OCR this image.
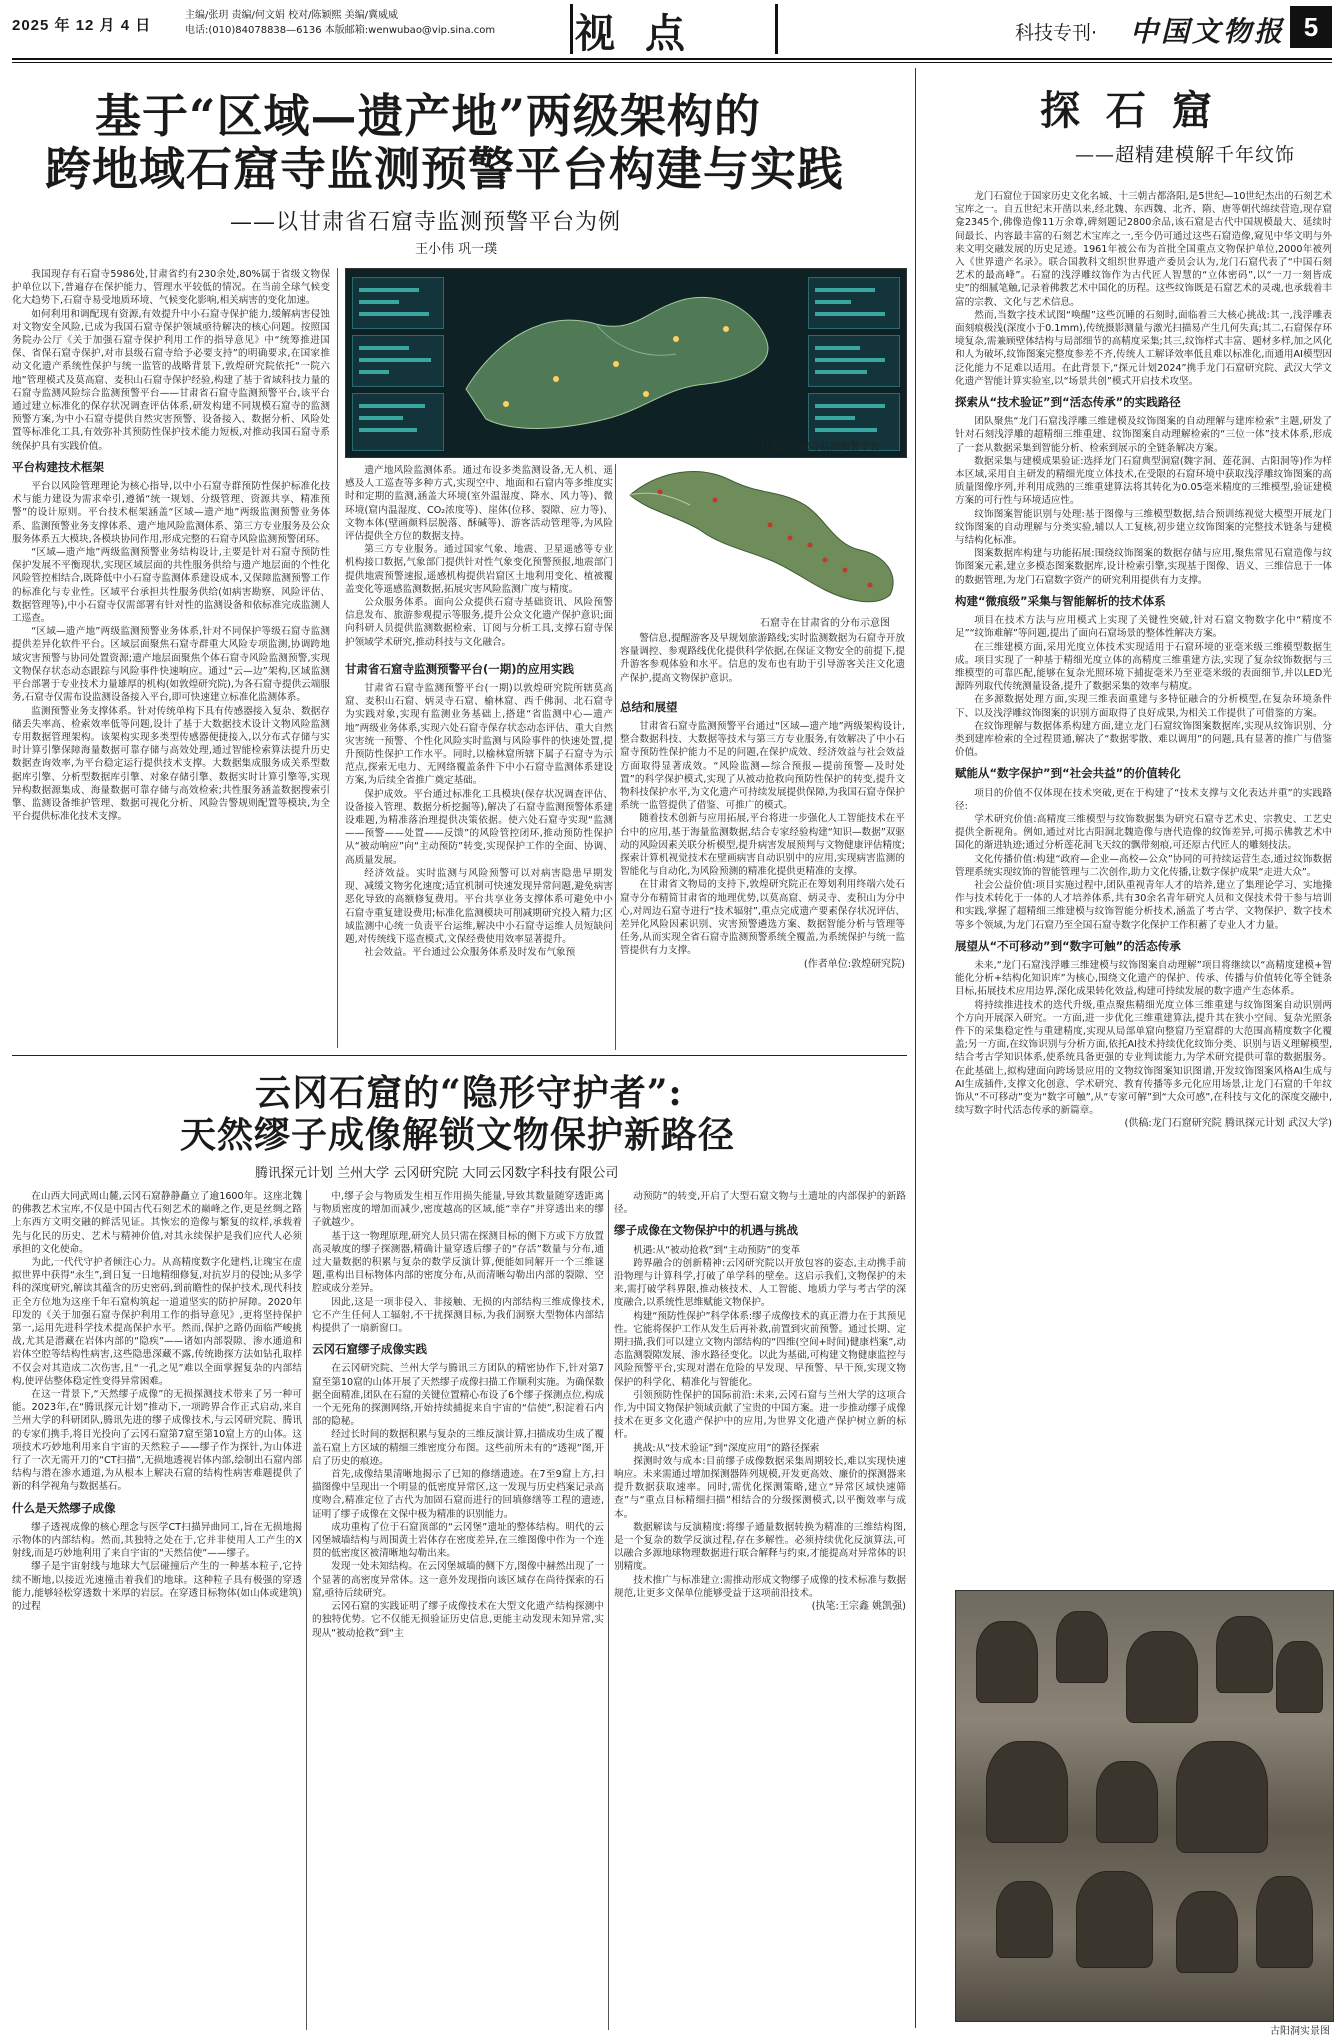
2025 年 12 月 4 日
主编/张玥 责编/何文娟 校对/陈颖熙 美编/冀威威
电话:(010)84078838—6136 本版邮箱:wenwubao@vip.sina.com 视点	科技专刊· 中国文物报 5
基于“区域—遗产地”两级架构的
跨地域石窟寺监测预警平台构建与实践
——以甘肃省石窟寺监测预警平台为例
王小伟 巩一璞

我国现存有石窟寺5986处,甘肃省约有230余处,80%属于省级文物保护单位以下,普遍存在保护能力、管理水平较低的情况。在当前全球气候变化大趋势下,石窟寺易受地质环境、气候变化影响,相关病害的变化加速。

如何利用和调配现有资源,有效提升中小石窟寺保护能力,缓解病害侵蚀对文物安全风险,已成为我国石窟寺保护领域亟待解决的核心问题。按照国务院办公厅《关于加强石窟寺保护利用工作的指导意见》中“统筹推进国保、省保石窟寺保护,对市县级石窟寺给予必要支持”的明确要求,在国家推动文化遗产系统性保护与统一监管的战略背景下,敦煌研究院依托“一院六地”管理模式及莫高窟、麦积山石窟寺保护经验,构建了基于省域科技力量的石窟寺监测风险综合监测预警平台——甘肃省石窟寺监测预警平台,该平台通过建立标准化的保存状况调查评估体系,研发构建不同规模石窟寺的监测预警方案,为中小石窟寺提供自然灾害预警、设备接入、数据分析、风险处置等标准化工具,有效弥补其预防性保护技术能力短板,对推动我国石窟寺系统保护具有实践价值。

平台构建技术框架

平台以风险管理理论为核心指导,以中小石窟寺群预防性保护标准化技术与能力建设为需求牵引,遵循“统一规划、分级管理、资源共享、精准预警”的设计原则。平台技术框架涵盖“区域—遗产地”两级监测预警业务体系、监测预警业务支撑体系、遗产地风险监测体系、第三方专业服务及公众服务体系五大模块,各模块协同作用,形成完整的石窟寺风险监测预警闭环。

“区域—遗产地”两级监测预警业务结构设计,主要是针对石窟寺预防性保护发展不平衡现状,实现区域层面的共性服务供给与遗产地层面的个性化风险管控相结合,既降低中小石窟寺监测体系建设成本,又保障监测预警工作的标准化与专业性。区域平台承担共性服务供给(如病害勘察、风险评估、数据管理等),中小石窟寺仅需部署有针对性的监测设备和依标准完成监测人工巡查。

“区域—遗产地”两级监测预警业务体系,针对不同保护等级石窟寺监测提供差异化软件平台。区域层面聚焦石窟寺群重大风险专项监测,协调跨地域灾害预警与协同处置资源;遗产地层面聚焦个体石窟寺风险监测预警,实现文物保存状态动态跟踪与风险事件快速响应。通过“云—边”架构,区域监测平台部署于专业技术力量雄厚的机构(如敦煌研究院),为各石窟寺提供云端服务,石窟寺仅需布设监测设备接入平台,即可快速建立标准化监测体系。

监测预警业务支撑体系。针对传统单构下具有传感器接入复杂、数据存储丢失率高、检索效率低等问题,设计了基于大数据技术设计文物风险监测专用数据管理架构。该架构实现多类型传感器便捷接入,以分布式存储与实时计算引擎保障海量数据可靠存储与高效处理,通过智能检索算法提升历史数据查询效率,为平台稳定运行提供技术支撑。大数据集成服务成关系型数据库引擎、分析型数据库引擎、对象存储引擎、数据实时计算引擎等,实现异构数据源集成、海量数据可靠存储与高效检索;共性服务涵盖数据搜索引擎、监测设备维护管理、数据可视化分析、风险告警规则配置等模块,为全平台提供标准化技术支撑。

甘肃省石窟寺监测预警平台

遗产地风险监测体系。通过布设多类监测设备,无人机、遥感及人工巡查等多种方式,实现空中、地面和石窟内等多维度实时和定期的监测,涵盖大环境(室外温湿度、降水、风力等)、微环境(窟内温湿度、CO₂浓度等)、崖体(位移、裂隙、应力等)、文物本体(壁画颜料层脱落、酥碱等)、游客活动管理等,为风险评估提供全方位的数据支持。

第三方专业服务。通过国家气象、地震、卫星遥感等专业机构接口数据,气象部门提供针对性气象变化预警预报,地震部门提供地震预警速报,遥感机构提供岩窟区土地利用变化、植被覆盖变化等遥感监测数据,拓展灾害风险监测广度与精度。

公众服务体系。面向公众提供石窟寺基础资讯、风险预警信息发布、旅游参观提示等服务,提升公众文化遗产保护意识;面向科研人员提供监测数据检索、订阅与分析工具,支撑石窟寺保护领域学术研究,推动科技与文化融合。

甘肃省石窟寺监测预警平台(一期)的应用实践

甘肃省石窟寺监测预警平台(一期)以敦煌研究院所辖莫高窟、麦积山石窟、炳灵寺石窟、榆林窟、西千佛洞、北石窟寺为实践对象,实现有监测业务基础上,搭建“省监测中心—遗产地”两级业务体系,实现六处石窟寺保存状态动态评估、重大自然灾害统一预警、个性化风险实时监测与风险事件的快速处置,提升预防性保护工作水平。同时,以榆林窟所辖下属子石窟寺为示范点,探索无电力、无网络覆盖条件下中小石窟寺监测体系建设方案,为后续全省推广奠定基础。

保护成效。平台通过标准化工具模块(保存状况调查评估、设备接入管理、数据分析挖掘等),解决了石窟寺监测预警体系建设难题,为精准落治理提供决策依据。使六处石窟寺实现“监测——预警——处置——反馈”的风险管控闭环,推动预防性保护从“被动响应”向“主动预防”转变,实现保护工作的全面、协调、高质量发展。

经济效益。实时监测与风险预警可以对病害隐患早期发现、减缓文物劣化速度;适宜机制可快速发现异常问题,避免病害恶化导致的高额修复费用。平台共享业务支撑体系可避免中小石窟寺重复建设费用;标准化监测模块可削减期研究投入精力;区域监测中心统一负责平台运维,解决中小石窟寺运维人员短缺问题,对传统线下巡查模式,文保经费使用效率显著提升。

社会效益。平台通过公众服务体系及时发布气象预

石窟寺在甘肃省的分布示意图

警信息,提醒游客及早规划旅游路线;实时监测数据为石窟寺开放容量调控、参观路线优化提供科学依据,在保证文物安全的前提下,提升游客参观体验和水平。信息的发布也有助于引导游客关注文化遗产保护,提高文物保护意识。

总结和展望

甘肃省石窟寺监测预警平台通过“区域—遗产地”两级架构设计,整合数据科技、大数据等技术与第三方专业服务,有效解决了中小石窟寺预防性保护能力不足的问题,在保护成效、经济效益与社会效益方面取得显著成效。“风险监测—综合预报—提前预警—及时处置”的科学保护模式,实现了从被动抢救向预防性保护的转变,提升文物科技保护水平,为文化遗产可持续发展提供保障,为我国石窟寺保护系统一监管提供了借鉴、可推广的模式。

随着技术创新与应用拓展,平台将进一步强化人工智能技术在平台中的应用,基于海量监测数据,结合专家经验构建“知识—数据”双驱动的风险因素关联分析模型,提升病害发展预判与文物健康评估精度;探索计算机视觉技术在壁画病害自动识别中的应用,实现病害监测的智能化与自动化,为风险预测的精准化提供更精准的支撑。

在甘肃省文物局的支持下,敦煌研究院正在筹划利用终端六处石窟寺分布精简甘肃省的地理优势,以莫高窟、炳灵寺、麦积山为分中心,对周边石窟寺进行“技术辐射”,重点完成遗产要素保存状况评估、差异化风险因素识别、灾害预警遴选方案、数据智能分析与管理等任务,从而实现全省石窟寺监测预警系统全覆盖,为系统保护与统一监管提供有力支撑。

(作者单位:敦煌研究院)
云冈石窟的“隐形守护者”:
天然缪子成像解锁文物保护新路径
腾讯探元计划 兰州大学 云冈研究院 大同云冈数字科技有限公司

在山西大同武周山麓,云冈石窟静静矗立了逾1600年。这座北魏的佛教艺术宝库,不仅是中国古代石刻艺术的巅峰之作,更是丝绸之路上东西方文明交融的鲜活见证。其恢宏的造像与繁复的纹样,承载着先与化民的历史、艺术与精神价值,对其永续保护是我们应代人必须承担的文化使命。

为此,一代代守护者倾注心力。从高精度数字化建档,让瑰宝在虚拟世界中获得“永生”,到日复一日地精细修复,对抗岁月的侵蚀;从多学科的深度研究,解读其蕴含的历史密码,到前瞻性的保护技术,现代科技正全方位地为这座千年石窟构筑起一道道坚实的防护屏障。2020年印发的《关于加强石窟寺保护利用工作的指导意见》,更将坚持保护第一,运用先进科学技术提高保护水平。然而,保护之路仍面临严峻挑战,尤其是潜藏在岩体内部的“隐疾”——诸如内部裂隙、渗水通道和岩体空腔等结构性病害,这些隐患深藏不露,传统勘探方法如钻孔取样不仅会对其造成二次伤害,且“一孔之见”难以全面掌握复杂的内部结构,使评估整体稳定性变得异常困难。

在这一背景下,“天然缪子成像”的无损探测技术带来了另一种可能。2023年,在“腾讯探元计划”推动下,一项跨界合作正式启动,来自兰州大学的科研团队,腾讯先进的缪子成像技术,与云冈研究院、腾讯的专家们携手,将目光投向了云冈石窟第7窟至第10窟上方的山体。这项技术巧妙地利用来自宇宙的天然粒子——缪子作为探针,为山体进行了一次无需开刀的“CT扫描”,无损地透视岩体内部,绘制出石窟内部结构与潜在渗水通道,为从根本上解决石窟的结构性病害难题提供了新的科学视角与数据基石。

什么是天然缪子成像

缪子透视成像的核心理念与医学CT扫描异曲同工,旨在无损地揭示物体的内部结构。然而,其独特之处在于,它并非使用人工产生的X射线,而是巧妙地利用了来自宇宙的“天然信使”——缪子。

缪子是宇宙射线与地球大气层碰撞后产生的一种基本粒子,它持续不断地,以接近光速撞击着我们的地球。这种粒子具有极强的穿透能力,能够轻松穿透数十米厚的岩层。在穿透目标物体(如山体或建筑)的过程

中,缪子会与物质发生相互作用损失能量,导致其数量随穿透距离与物质密度的增加而减少,密度越高的区域,能“幸存”并穿透出来的缪子就越少。

基于这一物理原理,研究人员只需在探测目标的侧下方或下方放置高灵敏度的缪子探测器,精确计量穿透后缪子的“存活”数量与分布,通过大量数据的积累与复杂的数学反演计算,便能如同解开一个三维谜题,重构出目标物体内部的密度分布,从而清晰勾勒出内部的裂隙、空腔或成分差异。

因此,这是一项非侵入、非接触、无损的内部结构三维成像技术,它不产生任何人工辐射,不干扰探测目标,为我们洞察大型物体内部结构提供了一扇新窗口。

云冈石窟缪子成像实践

在云冈研究院、兰州大学与腾讯三方团队的精密协作下,针对第7窟至第10窟的山体开展了天然缪子成像扫描工作顺利实施。为确保数据全面精准,团队在石窟的关键位置精心布设了6个缪子探测点位,构成一个无死角的探测网络,开始持续捕捉来自宇宙的“信使”,积淀着石内部的隐秘。

经过长时间的数据积累与复杂的三维反演计算,扫描成功生成了覆盖石窟上方区域的精细三维密度分布图。这些前所未有的“透视”图,开启了历史的痕迹。

首先,成像结果清晰地揭示了已知的修缮遗迹。在7至9窟上方,扫描图像中呈现出一个明显的低密度异常区,这一发现与历史档案记录高度吻合,精准定位了古代为加固石窟而进行的回填修缮等工程的遗迹,证明了缪子成像在文保中极为精准的识别能力。

成功重构了位于石窟顶部的“云冈堡”遗址的整体结构。明代的云冈堡城墙结构与周围黄土岩体存在密度差异,在三维图像中作为一个连贯的低密度区被清晰地勾勒出来。

发现一处未知结构。在云冈堡城墙的侧下方,图像中赫然出现了一个显著的高密度异常体。这一意外发现指向该区域存在尚待探索的石窟,亟待后续研究。

云冈石窟的实践证明了缪子成像技术在大型文化遗产结构探测中的独特优势。它不仅能无损验证历史信息,更能主动发现未知异常,实现从“被动抢救”到“主

动预防”的转变,开启了大型石窟文物与土遗址的内部保护的新路径。

缪子成像在文物保护中的机遇与挑战

机遇:从“被动抢救”到“主动预防”的变革

跨界融合的创新精神:云冈研究院以开放包容的姿态,主动携手前沿物理与计算科学,打破了单学科的壁垒。这启示我们,文物保护的未来,需打破学科界限,推动核技术、人工智能、地质力学与考古学的深度融合,以系统性思维赋能文物保护。

构建“预防性保护”科学体系:缪子成像技术的真正潜力在于其预见性。它能将保护工作从发生后再补救,前置到灾前预警。通过长期、定期扫描,我们可以建立文物内部结构的“四维(空间+时间)健康档案”,动态监测裂隙发展、渗水路径变化。以此为基础,可构建文物健康监控与风险预警平台,实现对潜在危险的早发现、早预警、早干预,实现文物保护的科学化、精准化与智能化。

引领预防性保护的国际前沿:未来,云冈石窟与兰州大学的这项合作,为中国文物保护领域贡献了宝贵的中国方案。进一步推动缪子成像技术在更多文化遗产保护中的应用,为世界文化遗产保护树立新的标杆。

挑战:从“技术验证”到“深度应用”的路径探索

探测时效与成本:目前缪子成像数据采集周期较长,难以实现快速响应。未来需通过增加探测器阵列规模,开发更高效、廉价的探测器来提升数据获取速率。同时,需优化探测策略,建立“异常区域快速筛查”与“重点目标精细扫描”相结合的分级探测模式,以平衡效率与成本。

数据解读与反演精度:将缪子通量数据转换为精准的三维结构图,是一个复杂的数学反演过程,存在多解性。必须持续优化反演算法,可以融合多源地球物理数据进行联合解释与约束,才能提高对异常体的识别精度。

技术推广与标准建立:需推动形成文物缪子成像的技术标准与数据规范,让更多文保单位能够受益于这项前沿技术。

(执笔:王宗鑫 姚凯强)
探 石 窟
——超精建模解千年纹饰

龙门石窟位于国家历史文化名城、十三朝古都洛阳,是5世纪—10世纪杰出的石刻艺术宝库之一。自五世纪末开凿以来,经北魏、东西魏、北齐、隋、唐等朝代绵续营造,现存窟龛2345个,佛像造像11万余尊,碑刻题记2800余品,该石窟是古代中国规模最大、延续时间最长、内容最丰富的石刻艺术宝库之一,至今仍可通过这些石窟造像,窥见中华文明与外来文明交融发展的历史足迹。1961年被公布为首批全国重点文物保护单位,2000年被列入《世界遗产名录》。联合国教科文组织世界遗产委员会认为,龙门石窟代表了“中国石刻艺术的最高峰”。石窟的浅浮雕纹饰作为古代匠人智慧的“立体密码”,以“一刀一刻皆成史”的细腻笔触,记录着佛教艺术中国化的历程。这些纹饰既是石窟艺术的灵魂,也承载着丰富的宗教、文化与艺术信息。

然而,当数字技术试图“唤醒”这些沉睡的石刻时,面临着三大核心挑战:其一,浅浮雕表面刻痕极浅(深度小于0.1mm),传统摄影测量与激光扫描易产生几何失真;其二,石窟保存环境复杂,需兼顾壁体结构与局部细节的高精度采集;其三,纹饰样式丰富、题材多样,加之风化和人为破坏,纹饰图案完整度参差不齐,传统人工解译效率低且难以标准化,而通用AI模型因泛化能力不足难以适用。在此背景下,“探元计划2024”携手龙门石窟研究院、武汉大学文化遗产智能计算实验室,以“场景共创”模式开启技术攻坚。

探索从“技术验证”到“活态传承”的实践路径

团队聚焦“龙门石窟浅浮雕三维建模及纹饰图案的自动理解与建库检索”主题,研发了针对石刻浅浮雕的超精细三维重建、纹饰图案自动理解检索的“三位一体”技术体系,形成了一套从数据采集到智能分析、检索到展示的全链条解决方案。

数据采集与建模成果验证:选择龙门石窟典型洞窟(魏字洞、莲花洞、古阳洞等)作为样本区域,采用自主研发的精细光度立体技术,在受限的石窟环境中获取浅浮雕纹饰图案的高质量图像序列,并利用成熟的三维重建算法将其转化为0.05毫米精度的三维模型,验证建模方案的可行性与环境适应性。

纹饰图案智能识别与处理:基于图像与三维模型数据,结合预训练视觉大模型开展龙门纹饰图案的自动理解与分类实验,辅以人工复核,初步建立纹饰图案的完整技术链条与建模与结构化标准。

图案数据库构建与功能拓展:围绕纹饰图案的数据存储与应用,聚焦常见石窟造像与纹饰图案元素,建立多模态图案数据库,设计检索引擎,实现基于图像、语义、三维信息于一体的数据管理,为龙门石窟数字资产的研究利用提供有力支撑。

构建“微痕级”采集与智能解析的技术体系

项目在技术方法与应用模式上实现了关键性突破,针对石窟文物数字化中“精度不足”“纹饰难解”等问题,提出了面向石窟场景的整体性解决方案。

在三维建模方面,采用光度立体技术实现适用于石窟环境的亚毫米级三维模型数据生成。项目实现了一种基于精细光度立体的高精度三维重建方法,实现了复杂纹饰数据与三维模型的可靠匹配,能够在复杂光照环境下捕捉毫米乃至亚毫米级的表面细节,并以LED光源阵列取代传统测量设备,提升了数据采集的效率与精度。

在多源数据处理方面,实现三维表面重建与多特征融合的分析模型,在复杂环境条件下、以及浅浮雕纹饰图案的识别方面取得了良好成果,为相关工作提供了可借鉴的方案。

在纹饰理解与数据体系构建方面,建立龙门石窟纹饰图案数据库,实现从纹饰识别、分类到建库检索的全过程贯通,解决了“数据零散、难以调用”的问题,具有显著的推广与借鉴价值。

赋能从“数字保护”到“社会共益”的价值转化

项目的价值不仅体现在技术突破,更在于构建了“技术支撑与文化表达并重”的实践路径:

学术研究价值:高精度三维模型与纹饰数据集为研究石窟寺艺术史、宗教史、工艺史提供全新视角。例如,通过对比古阳洞北魏造像与唐代造像的纹饰差异,可揭示佛教艺术中国化的渐进轨迹;通过分析莲花洞飞天纹的飘带刻痕,可还原古代匠人的雕刻技法。

文化传播价值:构建“政府—企业—高校—公众”协同的可持续运营生态,通过纹饰数据管理系统实现纹饰的智能管理与二次创作,助力文化传播,让数字保护成果“走进大众”。

社会公益价值:项目实施过程中,团队重视青年人才的培养,建立了集理论学习、实地操作与技术转化于一体的人才培养体系,共有30余名青年研究人员和文保技术骨干参与培训和实践,掌握了超精细三维建模与纹饰智能分析技术,涵盖了考古学、文物保护、数字技术等多个领域,为龙门石窟乃至全国石窟寺数字化保护工作积蓄了专业人才力量。

展望从“不可移动”到“数字可触”的活态传承

未来,“龙门石窟浅浮雕三维建模与纹饰图案自动理解”项目将继续以“高精度建模+智能化分析+结构化知识库”为核心,围绕文化遗产的保护、传承、传播与价值转化等全链条目标,拓展技术应用边界,深化成果转化效益,构建可持续发展的数字遗产生态体系。

将持续推进技术的迭代升级,重点聚焦精细光度立体三维重建与纹饰图案自动识别两个方向开展深入研究。一方面,进一步优化三维重建算法,提升其在狭小空间、复杂光照条件下的采集稳定性与重建精度,实现从局部单窟向整窟乃至窟群的大范围高精度数字化覆盖;另一方面,在纹饰识别与分析方面,依托AI技术持续优化纹饰分类、识别与语义理解模型,结合考古学知识体系,使系统具备更强的专业判读能力,为学术研究提供可靠的数据服务。在此基础上,拟构建面向跨场景应用的文物纹饰图案知识图谱,开发纹饰图案风格AI生成与AI生成插件,支撑文化创意、学术研究、教育传播等多元化应用场景,让龙门石窟的千年纹饰从“不可移动”变为“数字可触”,从“专家可解”到“大众可感”,在科技与文化的深度交融中,续写数字时代活态传承的新篇章。

(供稿:龙门石窟研究院 腾讯探元计划 武汉大学)
古阳洞实景图
